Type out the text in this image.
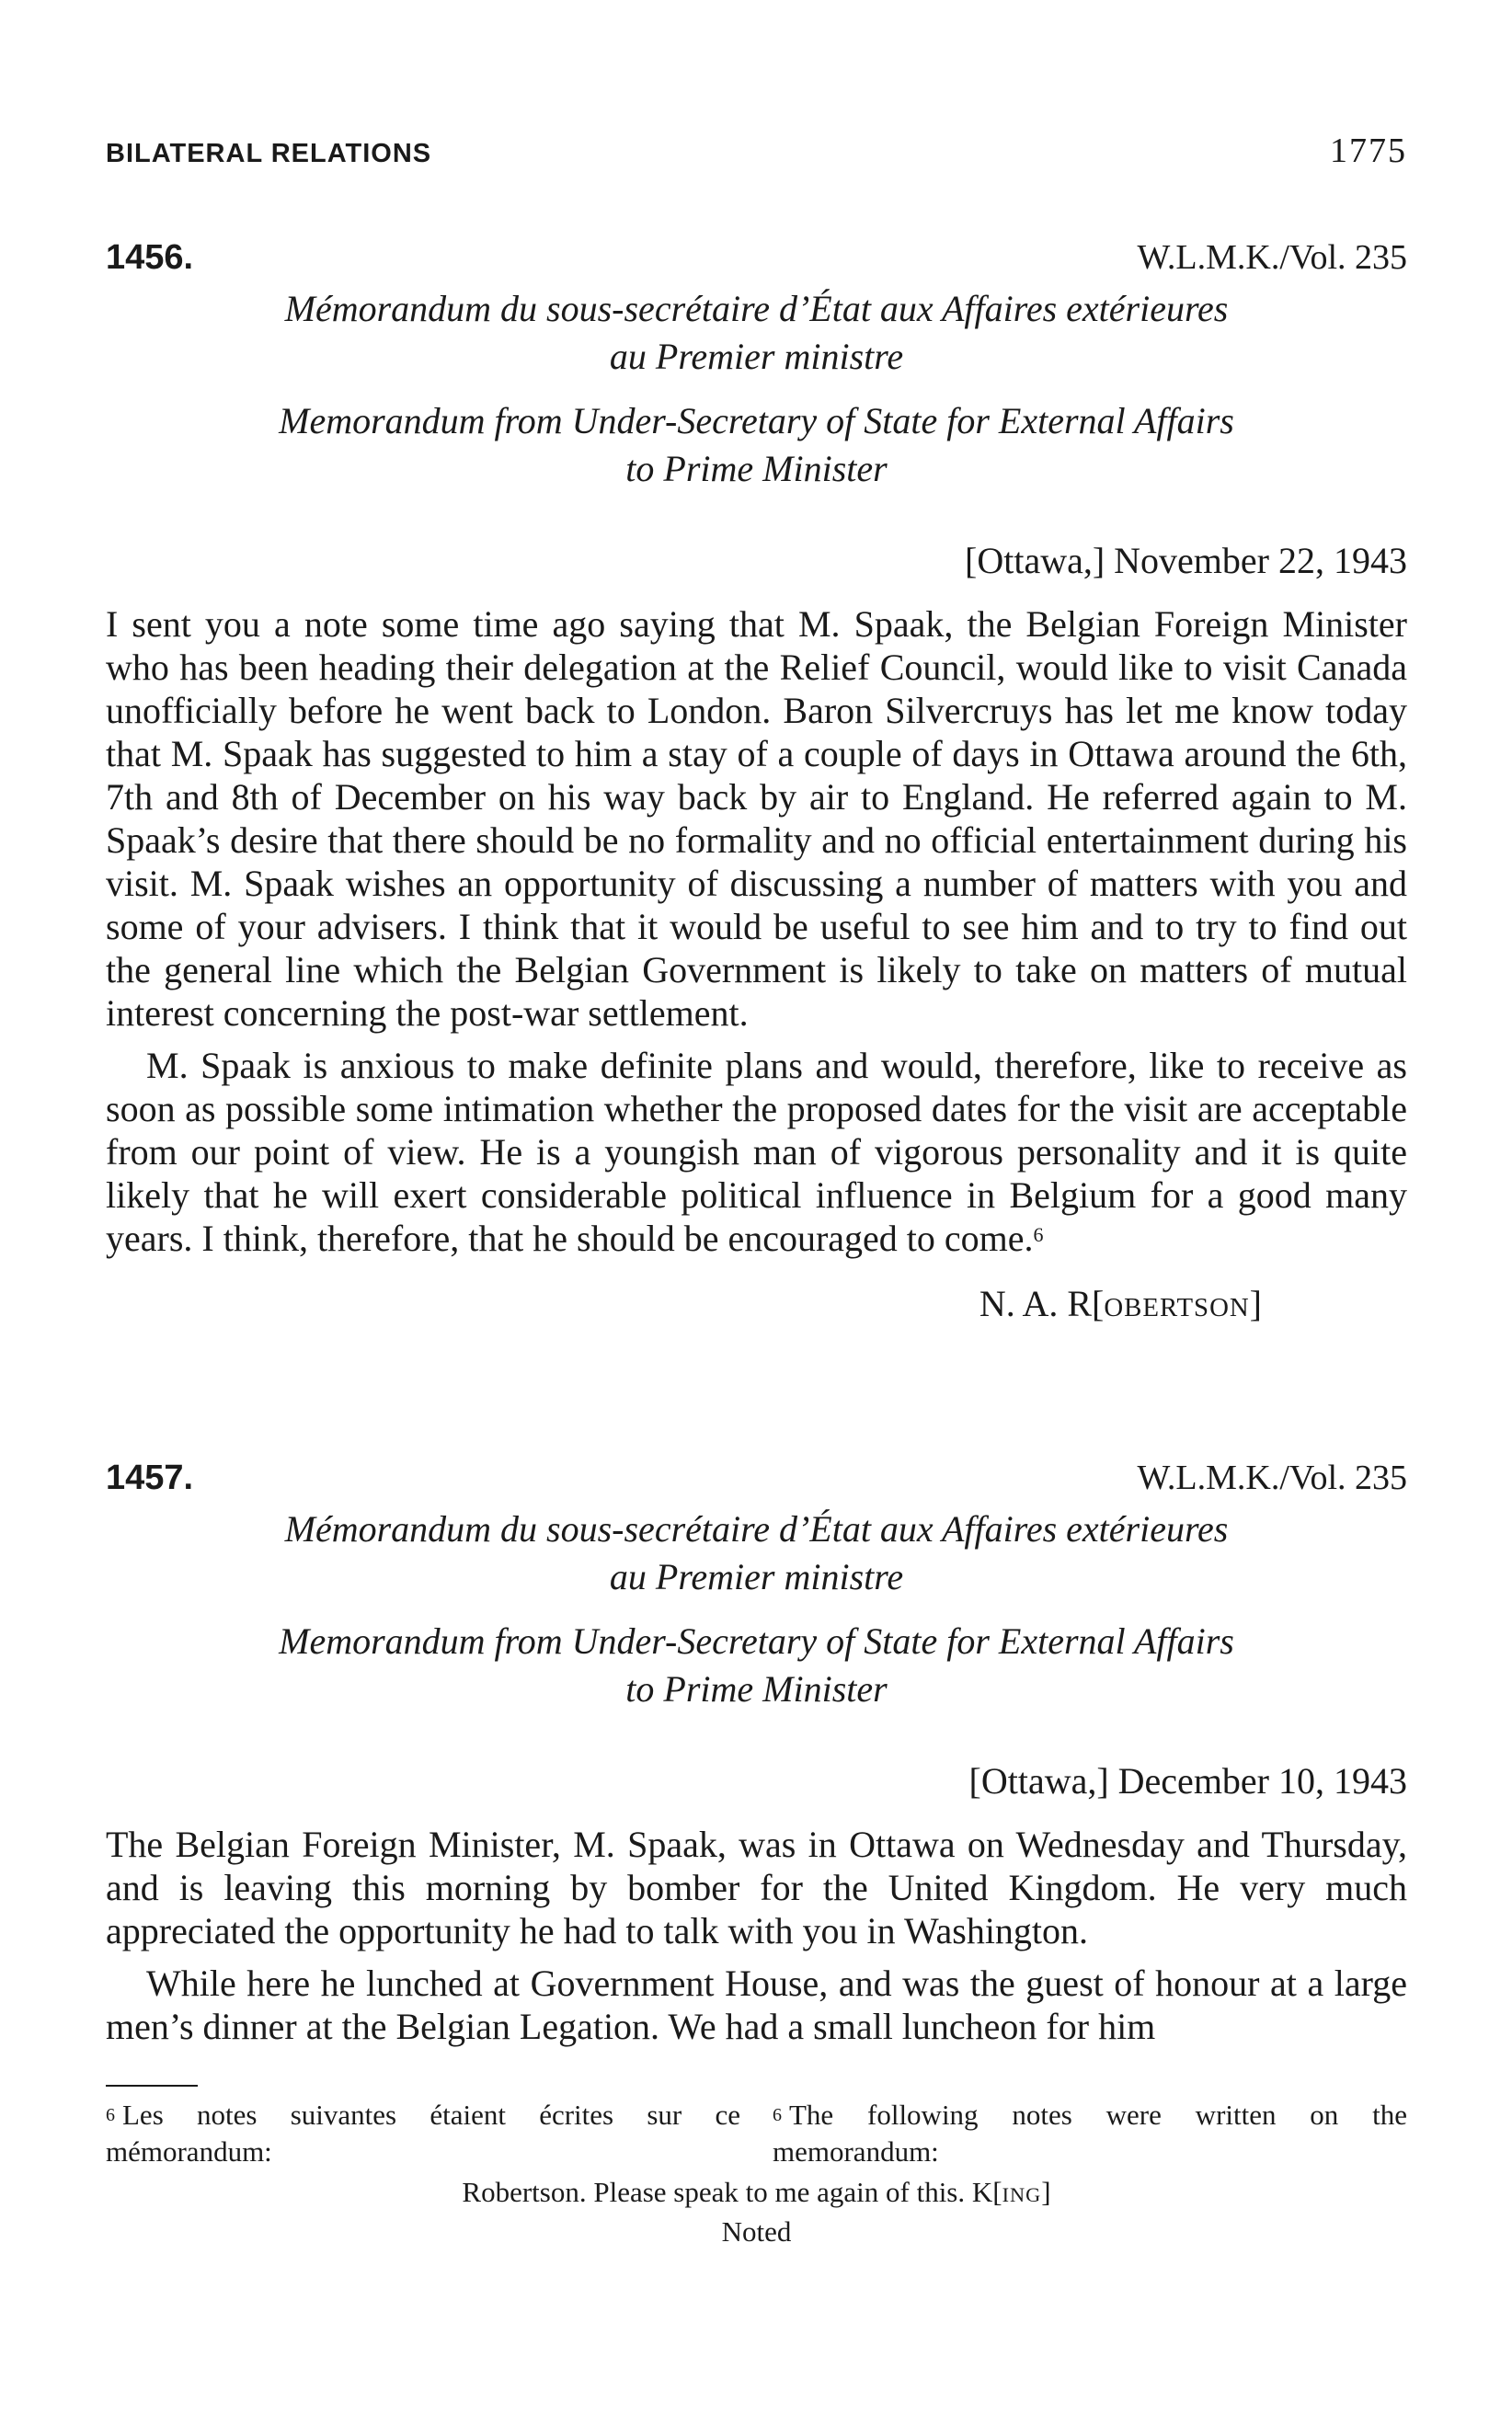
BILATERAL RELATIONS	1775
1456.	W.L.M.K./Vol. 235
Mémorandum du sous-secrétaire d’État aux Affaires extérieures
au Premier ministre
Memorandum from Under-Secretary of State for External Affairs
to Prime Minister
[Ottawa,] November 22, 1943

I sent you a note some time ago saying that M. Spaak, the Belgian Foreign Minister who has been heading their delegation at the Relief Council, would like to visit Canada unofficially before he went back to London. Baron Silvercruys has let me know today that M. Spaak has suggested to him a stay of a couple of days in Ottawa around the 6th, 7th and 8th of December on his way back by air to England. He referred again to M. Spaak’s desire that there should be no formality and no official entertainment during his visit. M. Spaak wishes an opportunity of discussing a number of matters with you and some of your advisers. I think that it would be useful to see him and to try to find out the general line which the Belgian Government is likely to take on matters of mutual interest concerning the post-war settlement.

M. Spaak is anxious to make definite plans and would, therefore, like to receive as soon as possible some intimation whether the proposed dates for the visit are acceptable from our point of view. He is a youngish man of vigorous personality and it is quite likely that he will exert considerable political influence in Belgium for a good many years. I think, therefore, that he should be encouraged to come.$^6$

N. A. R[OBERTSON]
1457.	W.L.M.K./Vol. 235
Mémorandum du sous-secrétaire d’État aux Affaires extérieures
au Premier ministre
Memorandum from Under-Secretary of State for External Affairs
to Prime Minister
[Ottawa,] December 10, 1943

The Belgian Foreign Minister, M. Spaak, was in Ottawa on Wednesday and Thursday, and is leaving this morning by bomber for the United Kingdom. He very much appreciated the opportunity he had to talk with you in Washington.

While here he lunched at Government House, and was the guest of honour at a large men’s dinner at the Belgian Legation. We had a small luncheon for him

$^6$ Les notes suivantes étaient écrites sur ce mémorandum:
$^6$ The following notes were written on the memorandum:
Robertson. Please speak to me again of this. K[ING]
Noted
